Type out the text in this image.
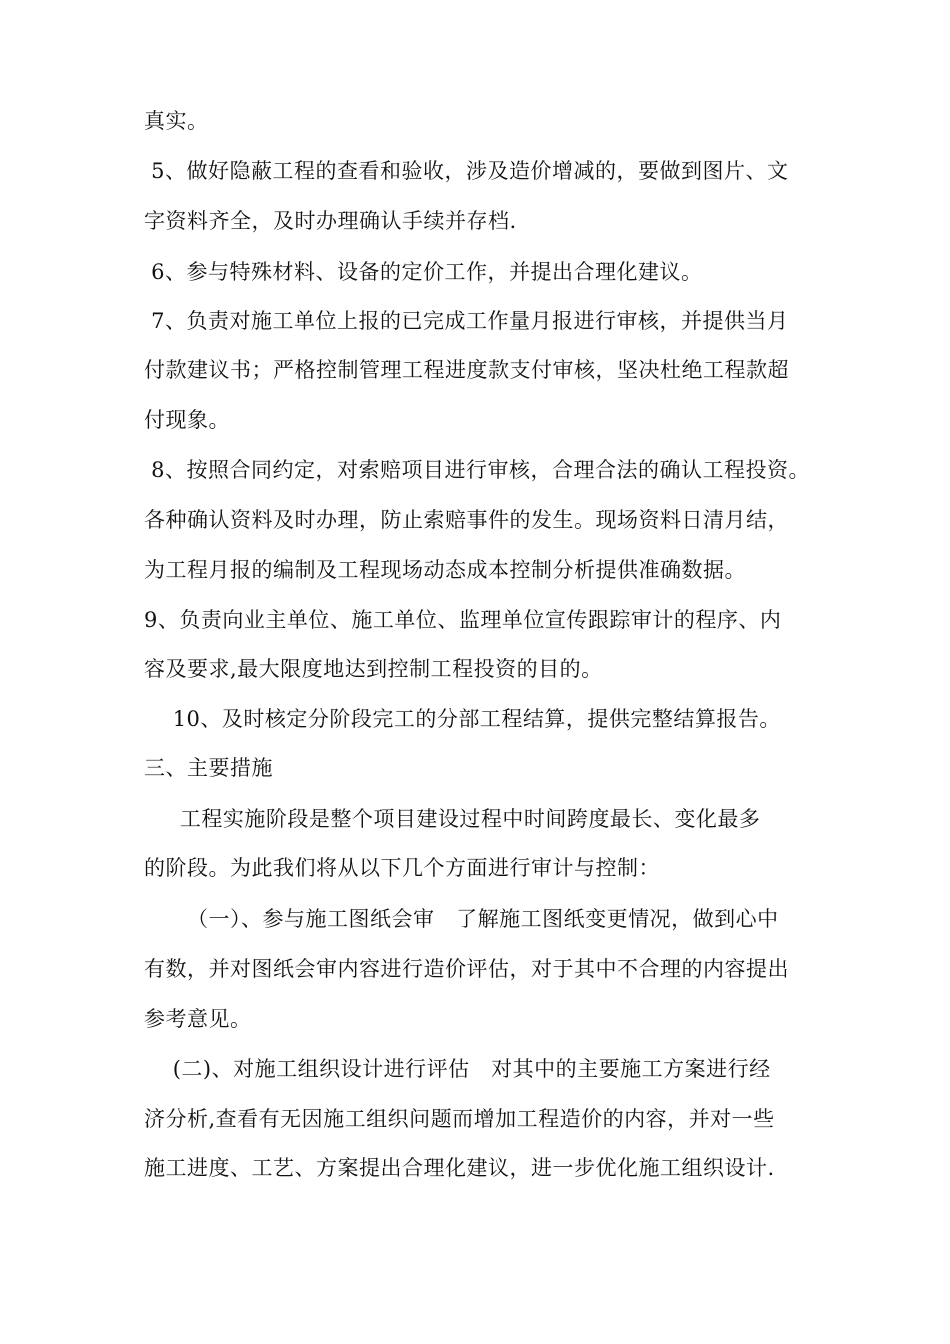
真实。
5、做好隐蔽工程的查看和验收，涉及造价增减的，要做到图片、文
字资料齐全，及时办理确认手续并存档.
6、参与特殊材料、设备的定价工作，并提出合理化建议。
7、负责对施工单位上报的已完成工作量月报进行审核，并提供当月
付款建议书；严格控制管理工程进度款支付审核，坚决杜绝工程款超
付现象。
8、按照合同约定，对索赔项目进行审核，合理合法的确认工程投资。
各种确认资料及时办理，防止索赔事件的发生。现场资料日清月结，
为工程月报的编制及工程现场动态成本控制分析提供准确数据。
9、负责向业主单位、施工单位、监理单位宣传跟踪审计的程序、内
容及要求,最大限度地达到控制工程投资的目的。
10、及时核定分阶段完工的分部工程结算，提供完整结算报告。
三、主要措施
工程实施阶段是整个项目建设过程中时间跨度最长、变化最多
的阶段。为此我们将从以下几个方面进行审计与控制：
（一）、参与施工图纸会审   了解施工图纸变更情况，做到心中
有数，并对图纸会审内容进行造价评估，对于其中不合理的内容提出
参考意见。
(二)、对施工组织设计进行评估   对其中的主要施工方案进行经
济分析,查看有无因施工组织问题而增加工程造价的内容，并对一些
施工进度、工艺、方案提出合理化建议，进一步优化施工组织设计.
